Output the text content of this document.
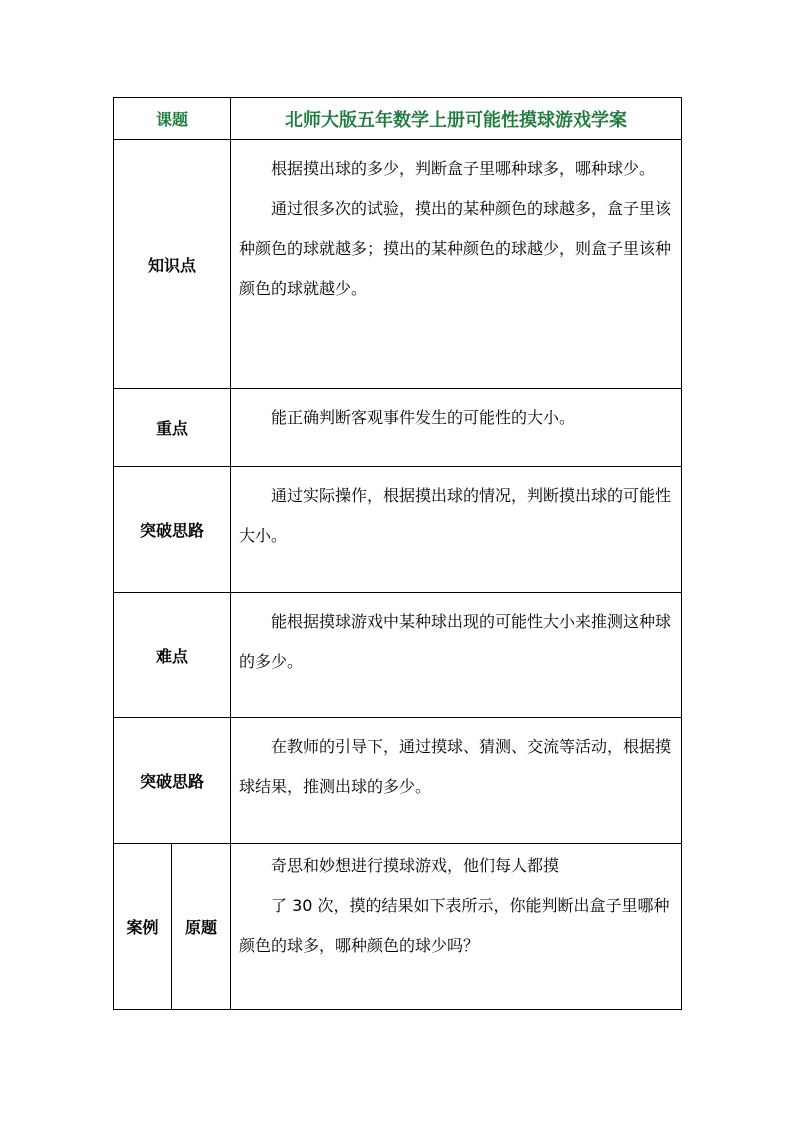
课题		北师大版五年数学上册可能性摸球游戏学案
知识点		根据摸出球的多少，判断盒子里哪种球多，哪种球少。

通过很多次的试验，摸出的某种颜色的球越多，盒子里该种颜色的球就越多；摸出的某种颜色的球越少，则盒子里该种颜色的球就越少。

重点		能正确判断客观事件发生的可能性的大小。

突破思路		通过实际操作，根据摸出球的情况，判断摸出球的可能性大小。

难点		能根据摸球游戏中某种球出现的可能性大小来推测这种球的多少。

突破思路		在教师的引导下，通过摸球、猜测、交流等活动，根据摸球结果，推测出球的多少。

案例	原题	奇思和妙想进行摸球游戏，他们每人都摸

了 30 次，摸的结果如下表所示，你能判断出盒子里哪种颜色的球多，哪种颜色的球少吗？
